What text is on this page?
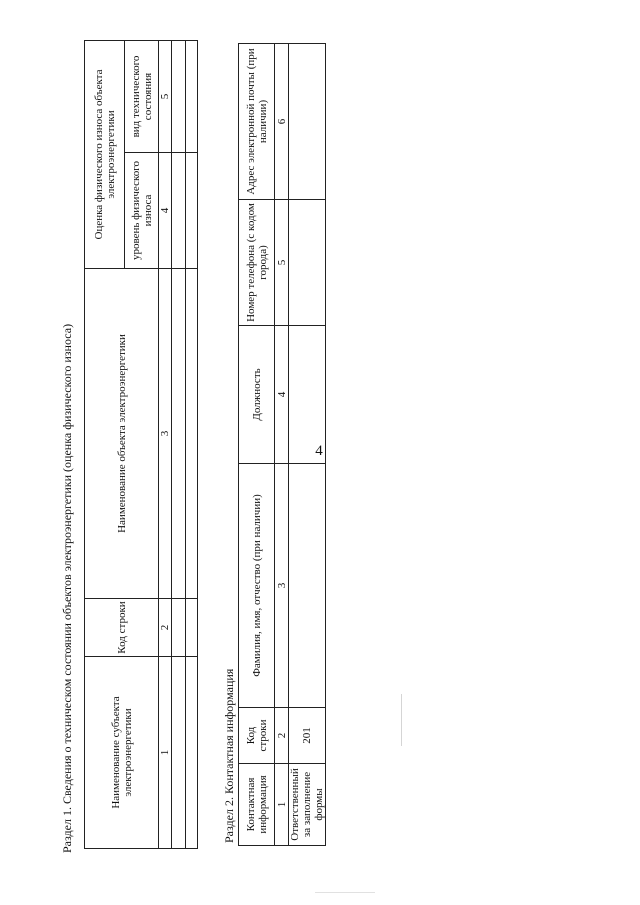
4
Раздел 1. Сведения о техническом состоянии объектов электроэнергетики (оценка физического износа)	Наименование субъекта электроэнергетики	Код строки	Наименование объекта электроэнергетики	Оценка физического износа объекта электроэнергетики	
			уровень физического износа	вид технического состояния
1	2	3	4	5

Раздел 2. Контактная информация Контактная информация	Код строки	Фамилия, имя, отчество (при наличии)	Должность	Номер телефона (с кодом города)	Адрес электронной почты (при наличии)
1	2	3	4	5	6
Ответственный за заполнение формы	201				
